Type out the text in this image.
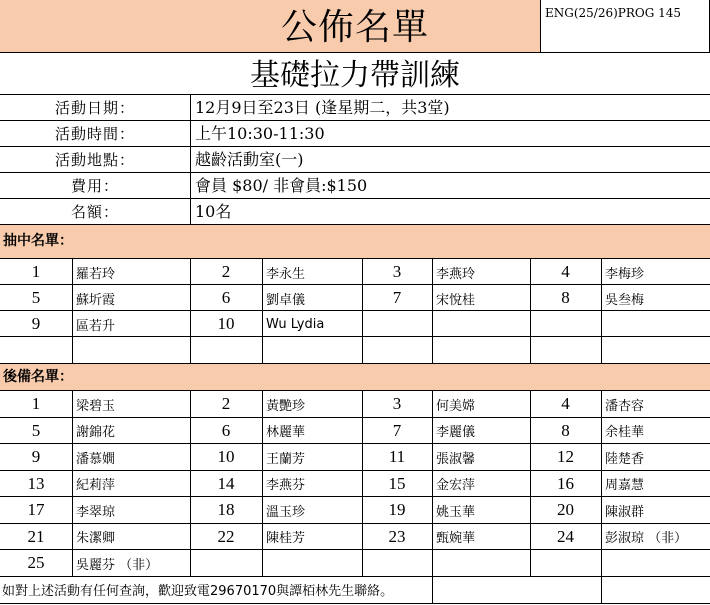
公佈名單	ENG(25/26)PROG 145
基礎拉力帶訓練
活動日期：	12月9日至23日 (逢星期二，共3堂)
活動時間：	上午10:30-11:30
活動地點：	越齡活動室(一)
費用：	會員 $80/ 非會員:$150
名額：	10名
抽中名單：
1	羅若玲	2	李永生	3	李燕玲	4	李梅珍
5	蘇圻霞	6	劉卓儀	7	宋悅桂	8	吳叁梅
9	區若升	10	Wu Lydia
後備名單：
1	梁碧玉	2	黃艷珍	3	何美嫦	4	潘杏容
5	謝錦花	6	林麗華	7	李麗儀	8	余桂華
9	潘慕嫺	10	王蘭芳	11	張淑馨	12	陸楚香
13	紀莉萍	14	李燕芬	15	金宏萍	16	周嘉慧
17	李翠琼	18	溫玉珍	19	姚玉華	20	陳淑群
21	朱潔卿	22	陳桂芳	23	甄婉華	24	彭淑琼 （非）
25	吳麗芬 （非）
如對上述活動有任何查詢，歡迎致電29670170與譚栢林先生聯絡。
